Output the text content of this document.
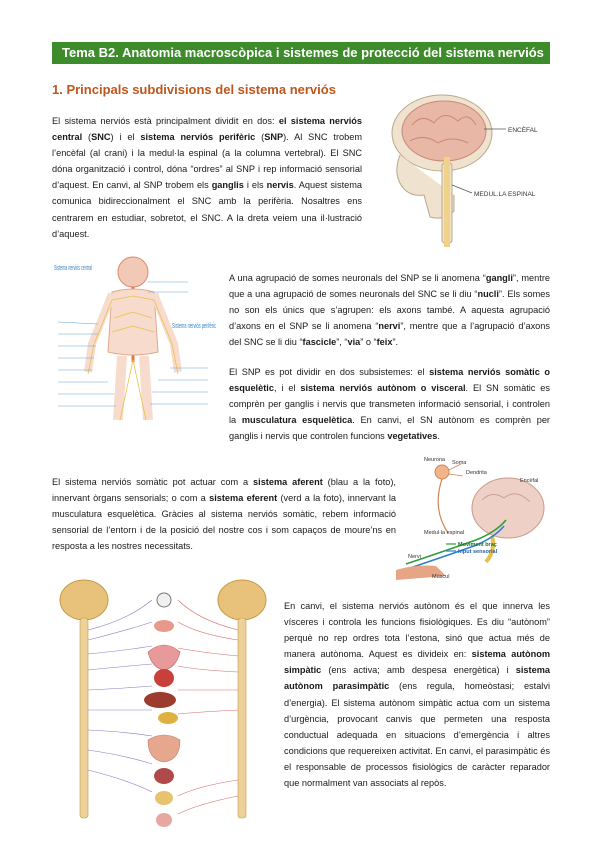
Tema B2. Anatomia macroscòpica i sistemes de protecció del sistema nerviós
1. Principals subdivisions del sistema nerviós
El sistema nerviós està principalment dividit en dos: el sistema nerviós central (SNC) i el sistema nerviós perifèric (SNP). Al SNC trobem l’encèfal (al crani) i la medul·la espinal (a la columna vertebral). El SNC dóna organització i control, dóna “ordres” al SNP i rep informació sensorial d’aquest. En canvi, al SNP trobem els ganglis i els nervis. Aquest sistema comunica bidireccionalment el SNC amb la perifèria. Nosaltres ens centrarem en estudiar, sobretot, el SNC. A la dreta veiem una il·lustració d’aquest.
ENCÈFAL
MEDUL.LA ESPINAL
Sistema nerviós central
Sistema nerviós perifèric
A una agrupació de somes neuronals del SNP se li anomena “gangli”, mentre que a una agrupació de somes neuronals del SNC se li diu “nucli”. Els somes no son els únics que s’agrupen: els axons també. A aquesta agrupació d’axons en el SNP se li anomena “nervi”, mentre que a l’agrupació d’axons del SNC se li diu “fascicle”, “via” o “feix”.
El SNP es pot dividir en dos subsistemes: el sistema nerviós somàtic o esquelètic, i el sistema nerviós autònom o visceral. El SN somàtic es comprèn per ganglis i nervis que transmeten informació sensorial, i controlen la musculatura esquelètica. En canvi, el SN autònom es comprèn per ganglis i nervis que controlen funcions vegetatives.
El sistema nerviós somàtic pot actuar com a sistema aferent (blau a la foto), innervant òrgans sensorials; o com a sistema eferent (verd a la foto), innervant la musculatura esquelètica. Gràcies al sistema nerviós somàtic, rebem informació sensorial de l’entorn i de la posició del nostre cos i som capaços de moure’ns en resposta a les nostres necessitats.
Neurona Soma
Dendrita
Encèfal
Medul·la espinal
Moviment braç
Input sensorial
Nervi
Múscul
En canvi, el sistema nerviós autònom és el que innerva les vísceres i controla les funcions fisiològiques. Es diu “autònom” perquè no rep ordres tota l’estona, sinó que actua més de manera autònoma. Aquest es divideix en: sistema autònom simpàtic (ens activa; amb despesa energètica) i sistema autònom parasimpàtic (ens regula, homeòstasi; estalvi d’energia). El sistema autònom simpàtic actua com un sistema d’urgència, provocant canvis que permeten una resposta conductual adequada en situacions d’emergència i altres condicions que requereixen activitat. En canvi, el parasimpàtic és el responsable de processos fisiològics de caràcter reparador que normalment van associats al repòs.
